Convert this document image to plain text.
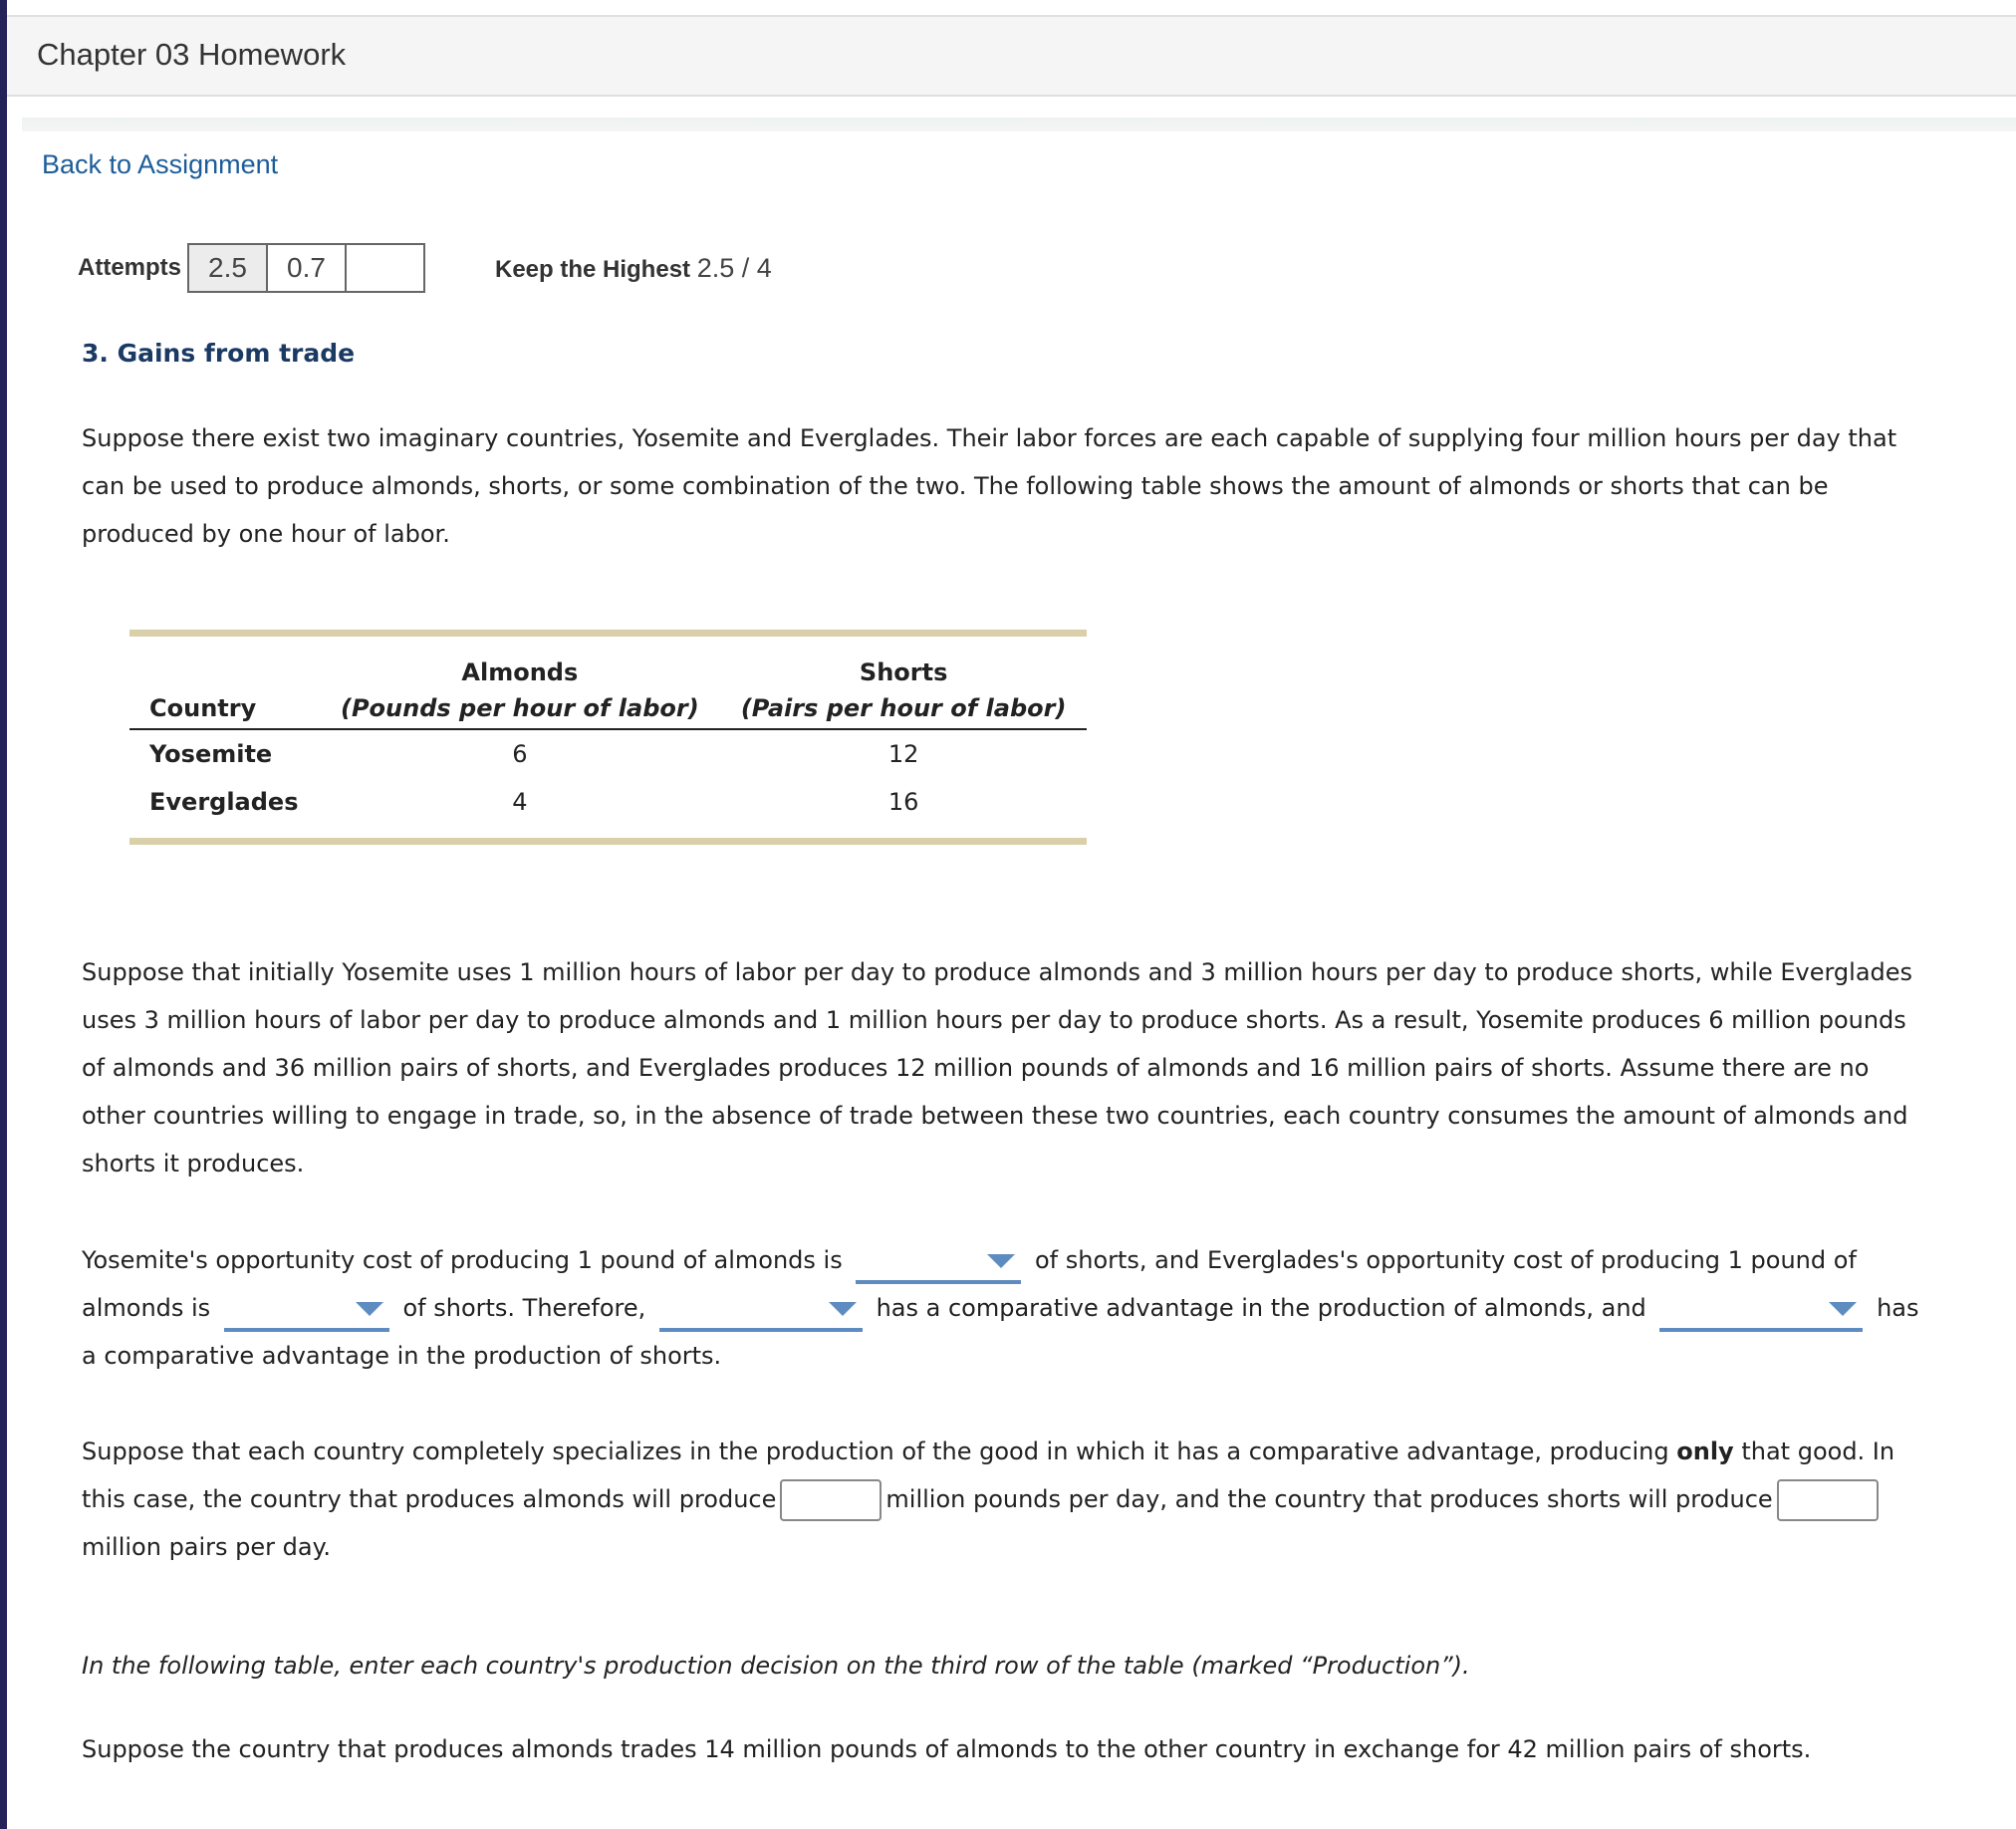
Chapter 03 Homework
Back to Assignment
Attempts 2.5	0.7	Keep the Highest 2.5 / 4
3. Gains from trade
Suppose there exist two imaginary countries, Yosemite and Everglades. Their labor forces are each capable of supplying four million hours per day that can be used to produce almonds, shorts, or some combination of the two. The following table shows the amount of almonds or shorts that can be produced by one hour of labor.

	Almonds	Shorts
Country	(Pounds per hour of labor)	(Pairs per hour of labor)
Yosemite	6	12
Everglades	4	16

Suppose that initially Yosemite uses 1 million hours of labor per day to produce almonds and 3 million hours per day to produce shorts, while Everglades uses 3 million hours of labor per day to produce almonds and 1 million hours per day to produce shorts. As a result, Yosemite produces 6 million pounds of almonds and 36 million pairs of shorts, and Everglades produces 12 million pounds of almonds and 16 million pairs of shorts. Assume there are no other countries willing to engage in trade, so, in the absence of trade between these two countries, each country consumes the amount of almonds and shorts it produces.
Yosemite's opportunity cost of producing 1 pound of almonds is	of shorts, and Everglades's opportunity cost of producing 1 pound of almonds is	of shorts. Therefore,	has a comparative advantage in the production of almonds, and	has a comparative advantage in the production of shorts.
Suppose that each country completely specializes in the production of the good in which it has a comparative advantage, producing only that good. In this case, the country that produces almonds will produce	million pounds per day, and the country that produces shorts will produce million pairs per day.
In the following table, enter each country's production decision on the third row of the table (marked “Production”).
Suppose the country that produces almonds trades 14 million pounds of almonds to the other country in exchange for 42 million pairs of shorts.
